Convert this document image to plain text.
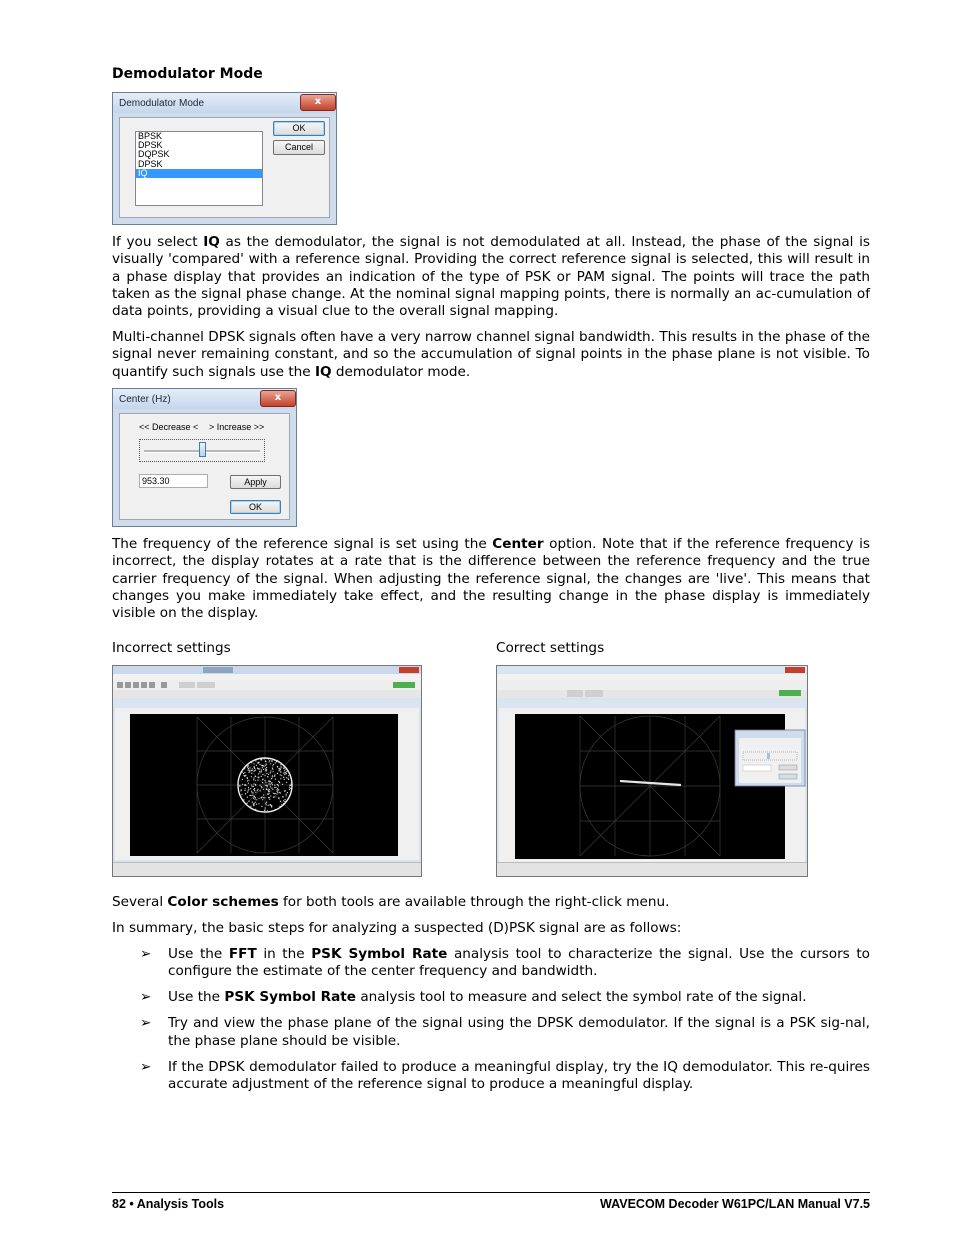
Demodulator Mode
Demodulator Mode	x
BPSK
DPSK
DQPSK
DPSK
IQ
OK
Cancel
If you select IQ as the demodulator, the signal is not demodulated at all. Instead, the phase of the signal is visually 'compared' with a reference signal. Providing the correct reference signal is selected, this will result in a phase display that provides an indication of the type of PSK or PAM signal. The points will trace the path taken as the signal phase change. At the nominal signal mapping points, there is normally an ac-cumulation of data points, providing a visual clue to the overall signal mapping.
Multi-channel DPSK signals often have a very narrow channel signal bandwidth. This results in the phase of the signal never remaining constant, and so the accumulation of signal points in the phase plane is not visible. To quantify such signals use the IQ demodulator mode.
Center (Hz)	x
<< Decrease < > Increase >>
953.30	Apply
OK
The frequency of the reference signal is set using the Center option. Note that if the reference frequency is incorrect, the display rotates at a rate that is the difference between the reference frequency and the true carrier frequency of the signal. When adjusting the reference signal, the changes are 'live'. This means that changes you make immediately take effect, and the resulting change in the phase display is immediately visible on the display.
Incorrect settings	Correct settings
Several Color schemes for both tools are available through the right-click menu.
In summary, the basic steps for analyzing a suspected (D)PSK signal are as follows:
➢ Use the FFT in the PSK Symbol Rate analysis tool to characterize the signal. Use the cursors to configure the estimate of the center frequency and bandwidth.
➢ Use the PSK Symbol Rate analysis tool to measure and select the symbol rate of the signal.
➢ Try and view the phase plane of the signal using the DPSK demodulator. If the signal is a PSK sig-nal, the phase plane should be visible.
➢ If the DPSK demodulator failed to produce a meaningful display, try the IQ demodulator. This re-quires accurate adjustment of the reference signal to produce a meaningful display.
82 • Analysis Tools	WAVECOM Decoder W61PC/LAN Manual V7.5
